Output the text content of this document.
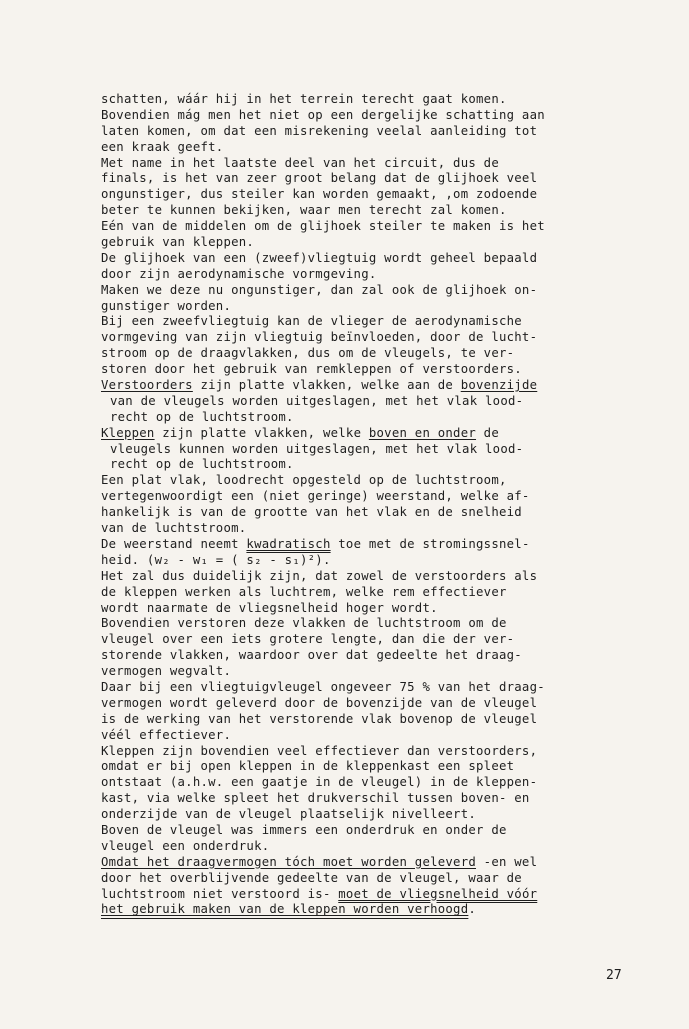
schatten, wáár hij in het terrein terecht gaat komen.
Bovendien mág men het niet op een dergelijke schatting aan
laten komen, om dat een misrekening veelal aanleiding tot
een kraak geeft.
Met name in het laatste deel van het circuit, dus de
finals, is het van zeer groot belang dat de glijhoek veel
ongunstiger, dus steiler kan worden gemaakt, ,om zodoende
beter te kunnen bekijken, waar men terecht zal komen.
Eén van de middelen om de glijhoek steiler te maken is het
gebruik van kleppen.
De glijhoek van een (zweef)vliegtuig wordt geheel bepaald
door zijn aerodynamische vormgeving.
Maken we deze nu ongunstiger, dan zal ook de glijhoek on-
gunstiger worden.
Bij een zweefvliegtuig kan de vlieger de aerodynamische
vormgeving van zijn vliegtuig beïnvloeden, door de lucht-
stroom op de draagvlakken, dus om de vleugels, te ver-
storen door het gebruik van remkleppen of verstoorders.
Verstoorders zijn platte vlakken, welke aan de bovenzijde
van de vleugels worden uitgeslagen, met het vlak lood-
recht op de luchtstroom.
Kleppen zijn platte vlakken, welke boven en onder de
vleugels kunnen worden uitgeslagen, met het vlak lood-
recht op de luchtstroom.
Een plat vlak, loodrecht opgesteld op de luchtstroom,
vertegenwoordigt een (niet geringe) weerstand, welke af-
hankelijk is van de grootte van het vlak en de snelheid
van de luchtstroom.
De weerstand neemt kwadratisch toe met de stromingssnel-
heid. (w₂ - w₁ = ( s₂ - s₁)²).
Het zal dus duidelijk zijn, dat zowel de verstoorders als
de kleppen werken als luchtrem, welke rem effectiever
wordt naarmate de vliegsnelheid hoger wordt.
Bovendien verstoren deze vlakken de luchtstroom om de
vleugel over een iets grotere lengte, dan die der ver-
storende vlakken, waardoor over dat gedeelte het draag-
vermogen wegvalt.
Daar bij een vliegtuigvleugel ongeveer 75 % van het draag-
vermogen wordt geleverd door de bovenzijde van de vleugel
is de werking van het verstorende vlak bovenop de vleugel
véél effectiever.
Kleppen zijn bovendien veel effectiever dan verstoorders,
omdat er bij open kleppen in de kleppenkast een spleet
ontstaat (a.h.w. een gaatje in de vleugel) in de kleppen-
kast, via welke spleet het drukverschil tussen boven- en
onderzijde van de vleugel plaatselijk nivelleert.
Boven de vleugel was immers een onderdruk en onder de
vleugel een onderdruk.
Omdat het draagvermogen tóch moet worden geleverd -en wel
door het overblijvende gedeelte van de vleugel, waar de
luchtstroom niet verstoord is- moet de vliegsnelheid vóór
het gebruik maken van de kleppen worden verhoogd.
27
